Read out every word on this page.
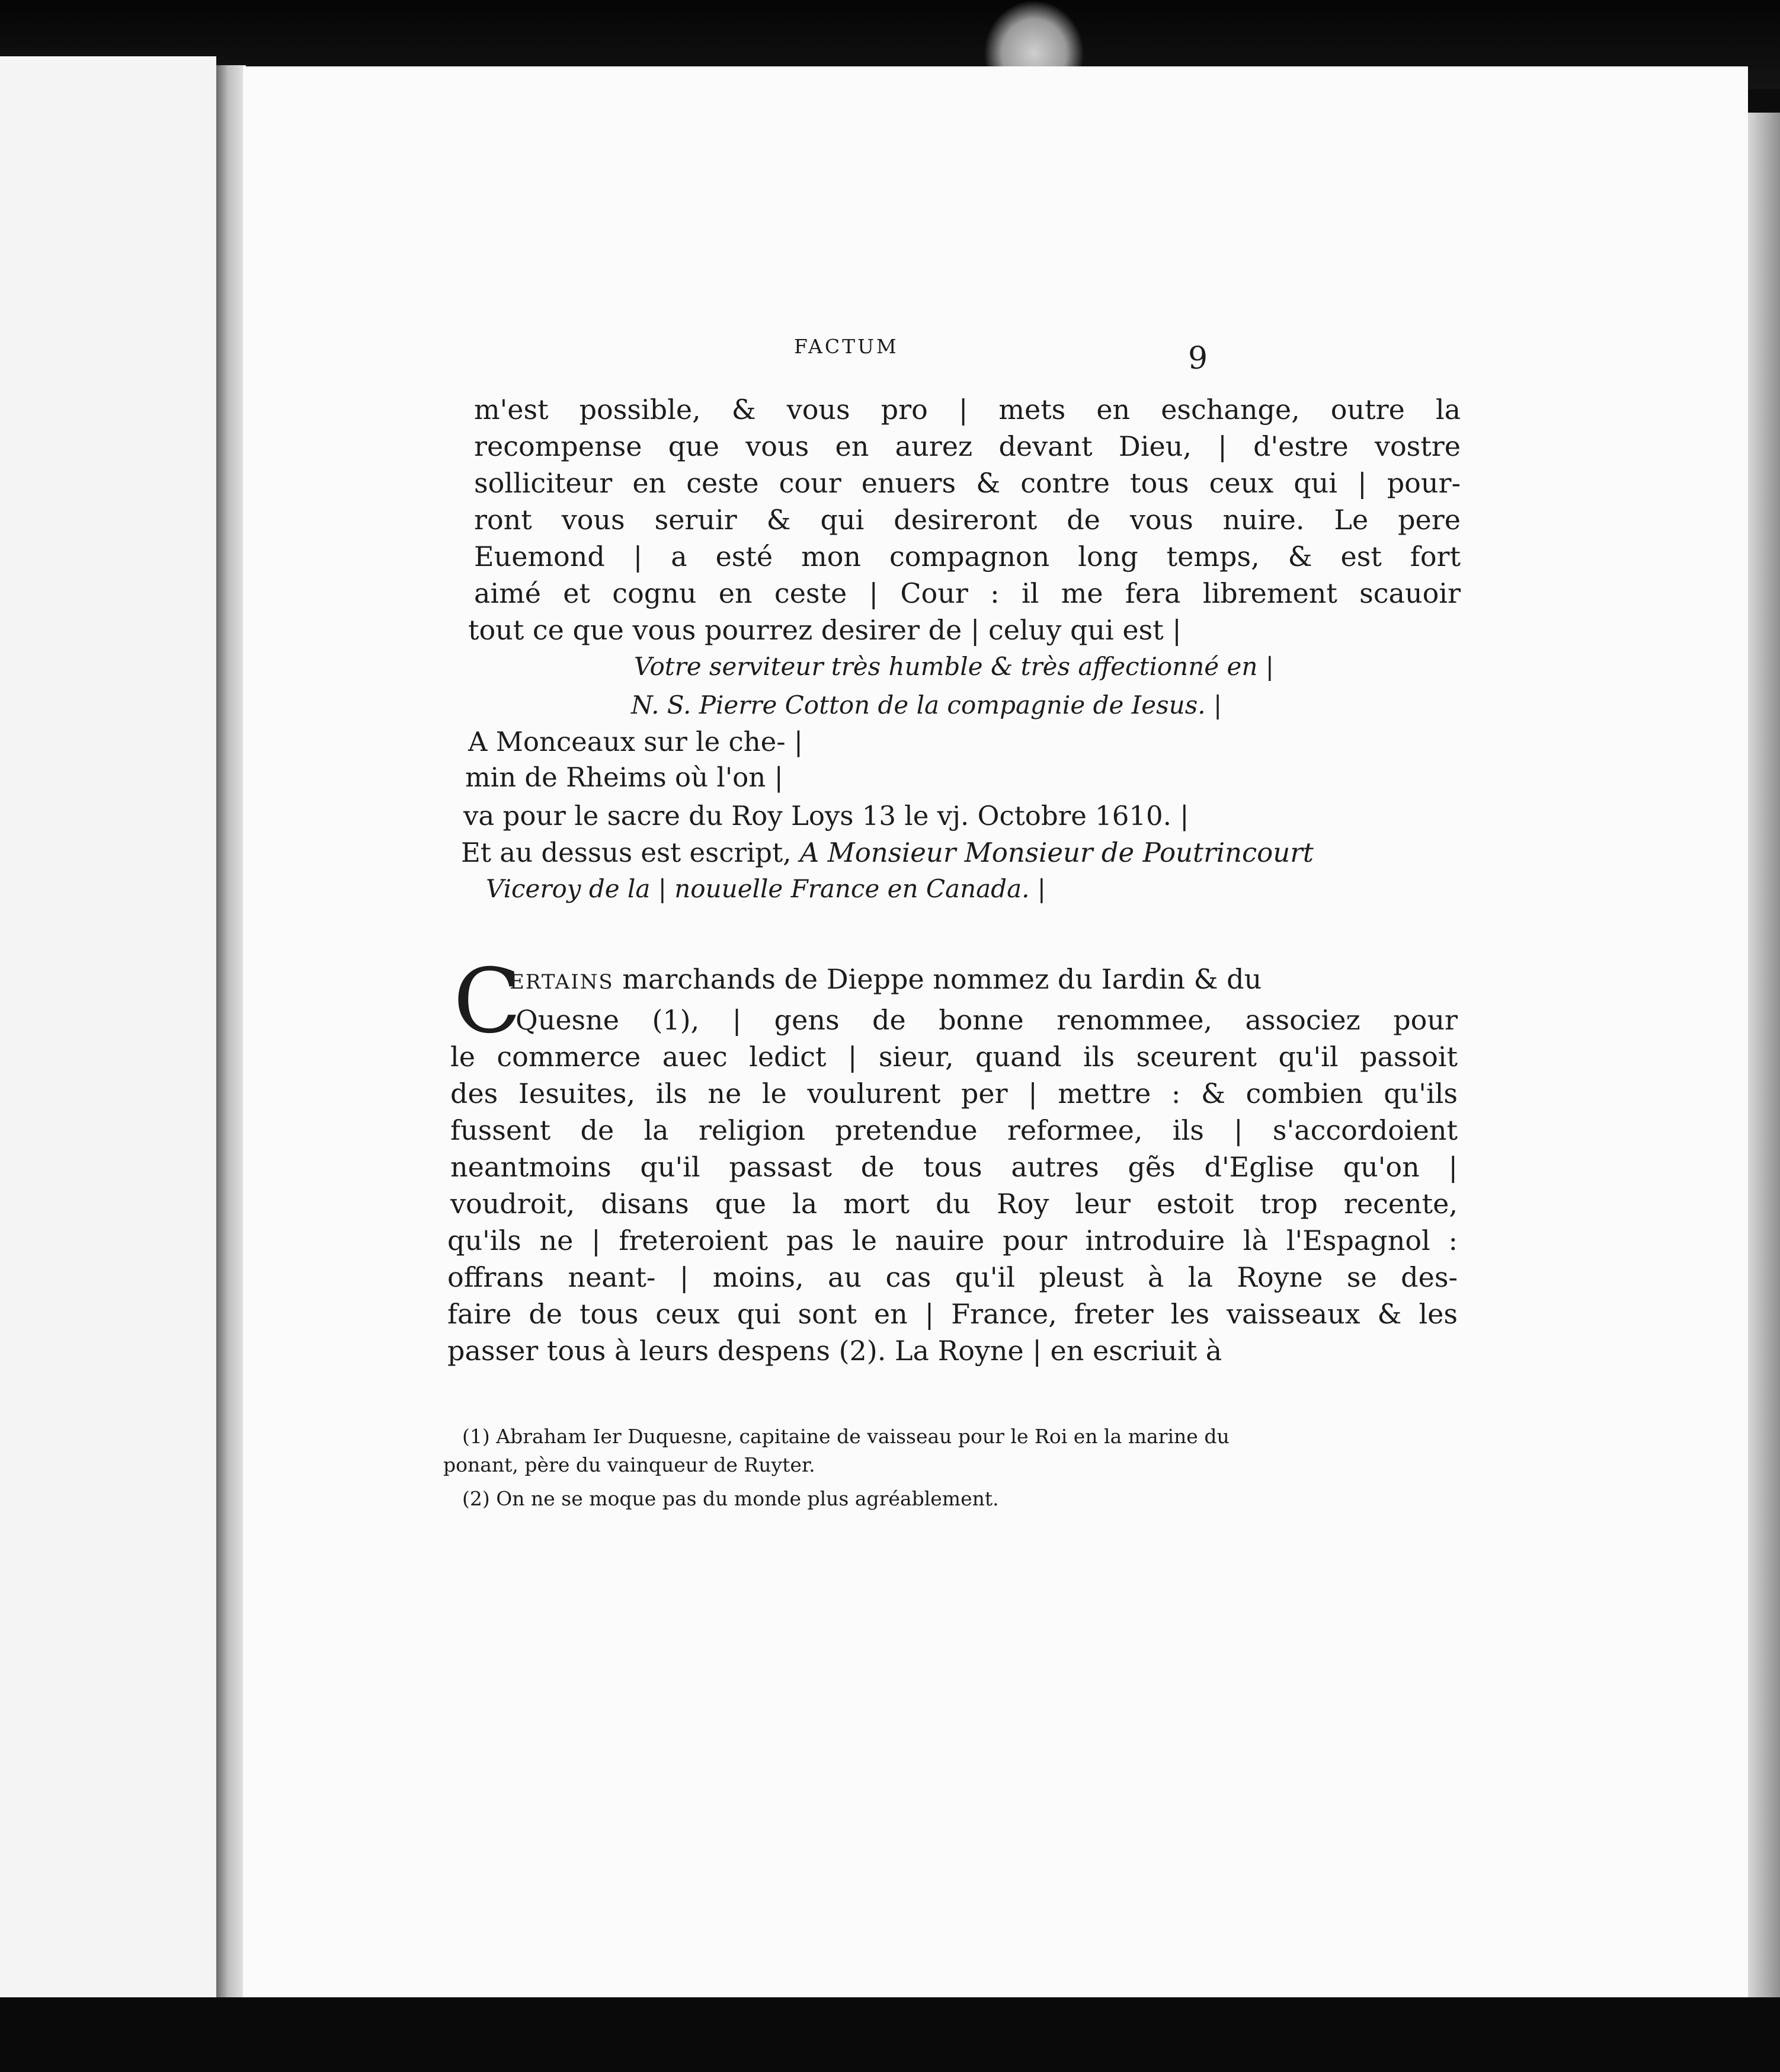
FACTUM	9
m'est possible, & vous pro | mets en eschange, outre la
recompense que vous en aurez devant Dieu, | d'estre vostre
solliciteur en ceste cour enuers & contre tous ceux qui | pour-
ront vous seruir & qui desireront de vous nuire. Le pere
Euemond | a esté mon compagnon long temps, & est fort
aimé et cognu en ceste | Cour : il me fera librement scauoir
tout ce que vous pourrez desirer de | celuy qui est |
Votre serviteur très humble & très affectionné en |
N. S. Pierre Cotton de la compagnie de Iesus. |
A Monceaux sur le che- |
min de Rheims où l'on |
va pour le sacre du Roy Loys 13 le vj. Octobre 1610. |
Et au dessus est escript, A Monsieur Monsieur de Poutrincourt
Viceroy de la | nouuelle France en Canada. |
C
ERTAINS marchands de Dieppe nommez du Iardin & du
Quesne (1), | gens de bonne renommee, associez pour
le commerce auec ledict | sieur, quand ils sceurent qu'il passoit
des Iesuites, ils ne le voulurent per | mettre : & combien qu'ils
fussent de la religion pretendue reformee, ils | s'accordoient
neantmoins qu'il passast de tous autres gẽs d'Eglise qu'on |
voudroit, disans que la mort du Roy leur estoit trop recente,
qu'ils ne | freteroient pas le nauire pour introduire là l'Espagnol :
offrans neant- | moins, au cas qu'il pleust à la Royne se des-
faire de tous ceux qui sont en | France, freter les vaisseaux & les
passer tous à leurs despens (2). La Royne | en escriuit à
(1) Abraham Ier Duquesne, capitaine de vaisseau pour le Roi en la marine du
ponant, père du vainqueur de Ruyter.
(2) On ne se moque pas du monde plus agréablement.
